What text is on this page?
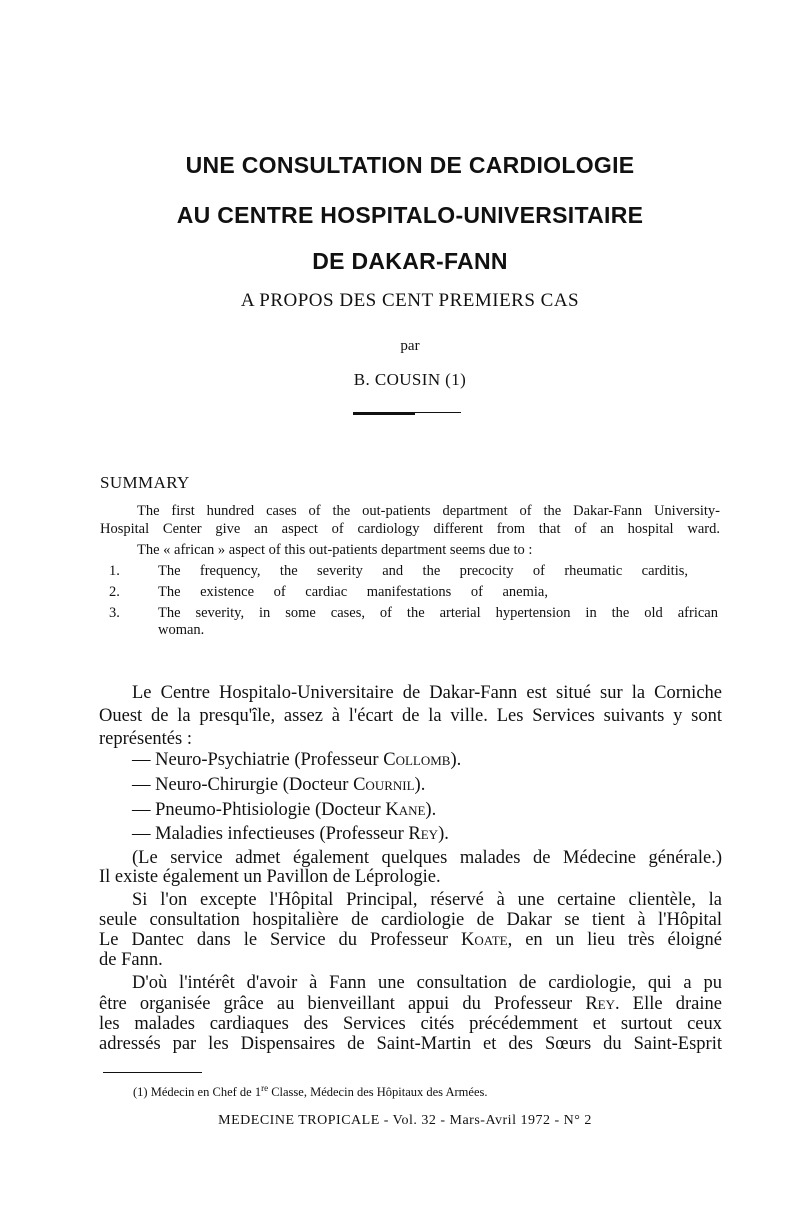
UNE CONSULTATION DE CARDIOLOGIE
AU CENTRE HOSPITALO-UNIVERSITAIRE
DE DAKAR-FANN
A PROPOS DES CENT PREMIERS CAS
par
B. COUSIN (1)
SUMMARY
The first hundred cases of the out-patients department of the Dakar-Fann University-
Hospital Center give an aspect of cardiology different from that of an hospital ward.
The « african » aspect of this out-patients department seems due to :
1.	The frequency, the severity and the precocity of rheumatic carditis,
2.	The existence of cardiac manifestations of anemia,
3.	The severity, in some cases, of the arterial hypertension in the old african
woman.
Le Centre Hospitalo-Universitaire de Dakar-Fann est situé sur la Corniche
Ouest de la presqu'île, assez à l'écart de la ville. Les Services suivants y sont
représentés :
— Neuro-Psychiatrie (Professeur Collomb).
— Neuro-Chirurgie (Docteur Cournil).
— Pneumo-Phtisiologie (Docteur Kane).
— Maladies infectieuses (Professeur Rey).
(Le service admet également quelques malades de Médecine générale.)
Il existe également un Pavillon de Léprologie.
Si l'on excepte l'Hôpital Principal, réservé à une certaine clientèle, la
seule consultation hospitalière de cardiologie de Dakar se tient à l'Hôpital
Le Dantec dans le Service du Professeur Koate, en un lieu très éloigné
de Fann.
D'où l'intérêt d'avoir à Fann une consultation de cardiologie, qui a pu
être organisée grâce au bienveillant appui du Professeur Rey. Elle draine
les malades cardiaques des Services cités précédemment et surtout ceux
adressés par les Dispensaires de Saint-Martin et des Sœurs du Saint-Esprit
(1) Médecin en Chef de 1re Classe, Médecin des Hôpitaux des Armées.
MEDECINE TROPICALE - Vol. 32 - Mars-Avril 1972 - N° 2
